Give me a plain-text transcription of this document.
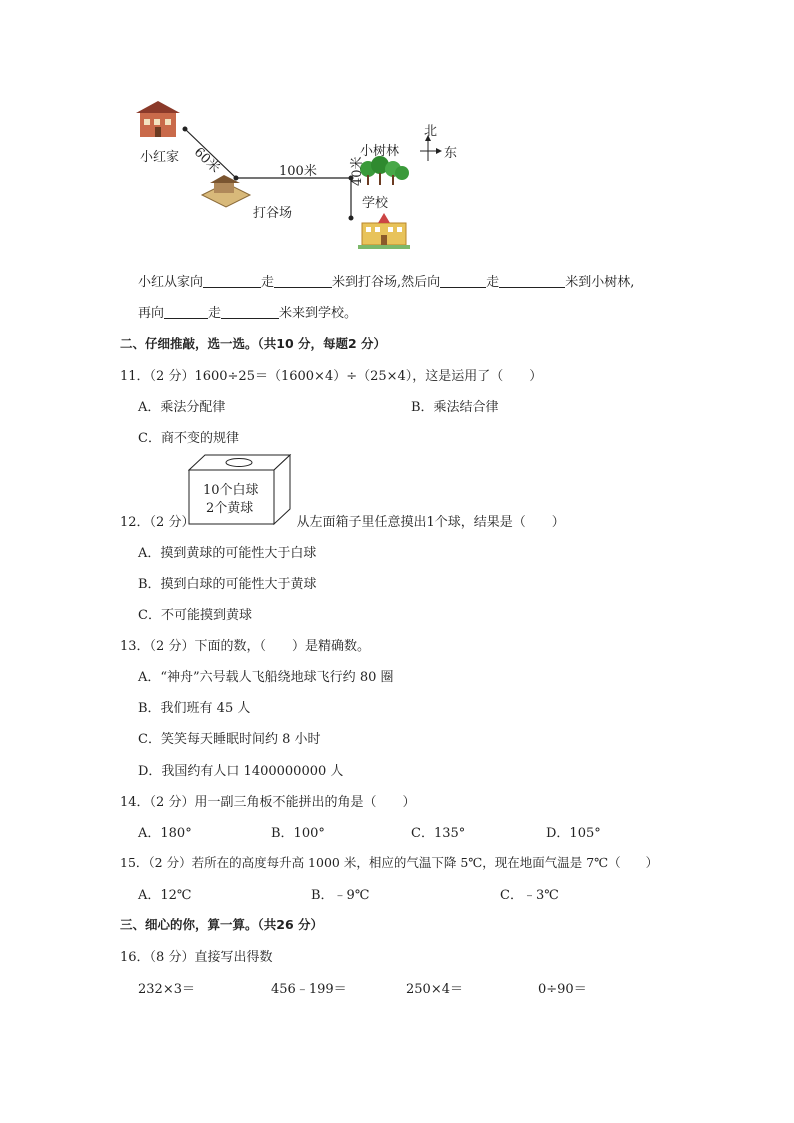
小红家 60米	100米
小树林
40米
打谷场
学校
北
东
小红从家向	走	米到打谷场,然后向	走	米到小树林,
再向	走	米来到学校。
二、仔细推敲，选一选。（共10 分，每题2 分）
11．（2 分）1600÷25＝（1600×4）÷（25×4），这是运用了（　　）
A．乘法分配律	B．乘法结合律
C．商不变的规律
10个白球
2个黄球
12．（2 分）	从左面箱子里任意摸出1个球，结果是（　　）
A．摸到黄球的可能性大于白球
B．摸到白球的可能性大于黄球
C．不可能摸到黄球
13．（2 分）下面的数，（　　）是精确数。
A．“神舟”六号载人飞船绕地球飞行约 80 圈
B．我们班有 45 人
C．笑笑每天睡眠时间约 8 小时
D．我国约有人口 1400000000 人
14．（2 分）用一副三角板不能拼出的角是（　　）
A．180°	B．100°	C．135°	D．105°
15．（2 分）若所在的高度每升高 1000 米，相应的气温下降 5℃，现在地面气温是 7℃（　　）
A．12℃	B．﹣9℃	C．﹣3℃
三、细心的你，算一算。（共26 分）
16．（8 分）直接写出得数
232×3＝	456﹣199＝	250×4＝	0÷90＝
